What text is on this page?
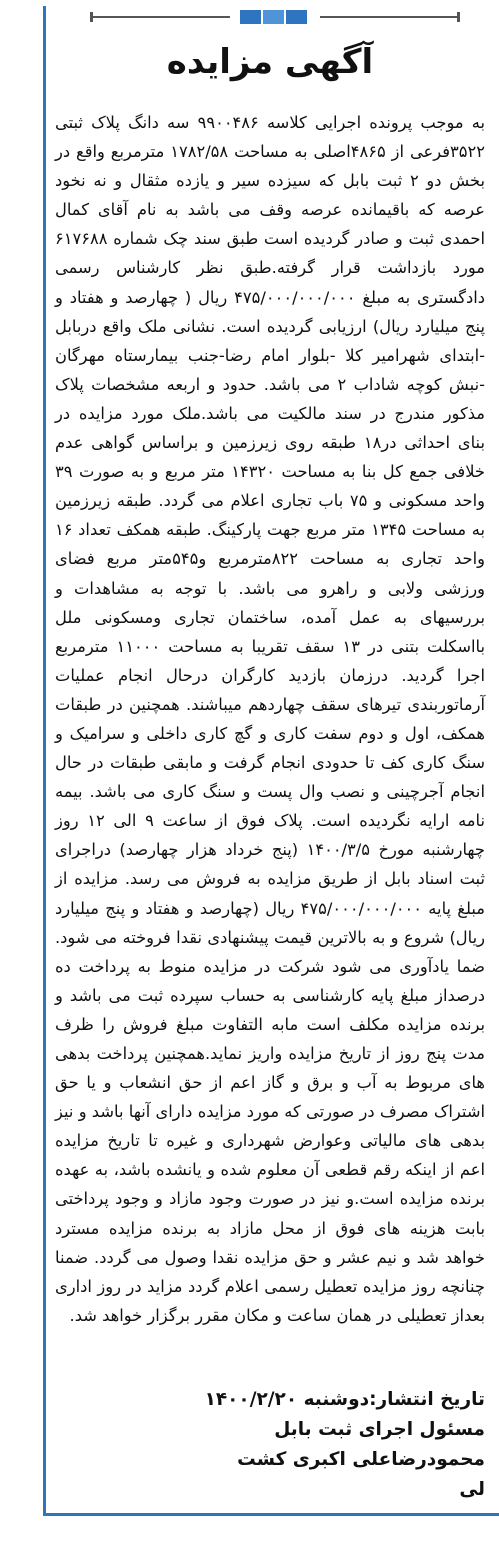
آگهی مزایده

به موجب پرونده اجرایی کلاسه ۹۹۰۰۴۸۶ سه دانگ پلاک ثبتی ۳۵۲۲فرعی از ۴۸۶۵اصلی به مساحت ۱۷۸۲/۵۸ مترمربع واقع در بخش دو ۲ ثبت بابل که سیزده سیر و یازده مثقال و نه نخود عرصه که باقیمانده عرصه وقف می باشد به نام آقای کمال احمدی ثبت و صادر گردیده است طبق سند چک شماره ۶۱۷۶۸۸ مورد بازداشت قرار گرفته.طبق نظر کارشناس رسمی دادگستری به مبلغ ۴۷۵/۰۰۰/۰۰۰/۰۰۰ ریال ( چهارصد و هفتاد و پنج میلیارد ریال) ارزیابی گردیده است. نشانی ملک واقع دربابل -ابتدای شهرامیر کلا -بلوار امام رضا-جنب بیمارستاه مهرگان -نبش کوچه شاداب ۲ می باشد. حدود و اربعه مشخصات پلاک مذکور مندرج در سند مالکیت می باشد.ملک مورد مزایده در بنای احداثی در۱۸ طبقه روی زیرزمین و براساس گواهی عدم خلافی جمع کل بنا به مساحت ۱۴۳۲۰ متر مربع و به صورت ۳۹ واحد مسکونی و ۷۵ باب تجاری اعلام می گردد. طبقه زیرزمین به مساحت ۱۳۴۵ متر مربع جهت پارکینگ. طبقه همکف تعداد ۱۶ واحد تجاری به مساحت ۸۲۲مترمربع و۵۴۵متر مربع فضای ورزشی ولابی و راهرو می باشد. با توجه به مشاهدات و بررسیهای به عمل آمده، ساختمان تجاری ومسکونی ملل بااسکلت بتنی در ۱۳ سقف تقریبا به مساحت ۱۱۰۰۰ مترمربع اجرا گردید. درزمان بازدید کارگران درحال انجام عملیات آرماتوربندی تیرهای سقف چهاردهم میباشند. همچنین در طبقات همکف، اول و دوم سفت کاری و گچ کاری داخلی و سرامیک و سنگ کاری کف تا حدودی انجام گرفت و مابقی طبقات در حال انجام آجرچینی و نصب وال پست و سنگ کاری می باشد. بیمه نامه ارایه نگردیده است. پلاک فوق از ساعت ۹ الی ۱۲ روز چهارشنبه مورخ ۱۴۰۰/۳/۵ (پنج خرداد هزار چهارصد) دراجرای ثبت اسناد بابل از طریق مزایده به فروش می رسد. مزایده از مبلغ پایه ۴۷۵/۰۰۰/۰۰۰/۰۰۰ ریال (چهارصد و هفتاد و پنج میلیارد ریال) شروع و به بالاترین قیمت پیشنهادی نقدا فروخته می شود. ضما یادآوری می شود شرکت در مزایده منوط به پرداخت ده درصداز مبلغ پایه کارشناسی به حساب سپرده ثبت می باشد و برنده مزایده مکلف است مابه التفاوت مبلغ فروش را ظرف مدت پنج روز از تاریخ مزایده واریز نماید.همچنین پرداخت بدهی های مربوط به آب و برق و گاز اعم از حق انشعاب و یا حق اشتراک مصرف در صورتی که مورد مزایده دارای آنها باشد و نیز بدهی های مالیاتی وعوارض شهرداری و غیره تا تاریخ مزایده اعم از اینکه رقم قطعی آن معلوم شده و یانشده باشد، به عهده برنده مزایده است.و نیز در صورت وجود مازاد و وجود پرداختی بابت هزینه های فوق از محل مازاد به برنده مزایده مسترد خواهد شد و نیم عشر و حق مزایده نقدا وصول می گردد. ضمنا چنانچه روز مزایده تعطیل رسمی اعلام گردد مزاید در روز اداری بعداز تعطیلی در همان ساعت و مکان مقرر برگزار خواهد شد.

تاریخ انتشار:دوشنبه ۱۴۰۰/۲/۲۰
مسئول اجرای ثبت بابل
محمودرضاعلی اکبری کشت
لی
